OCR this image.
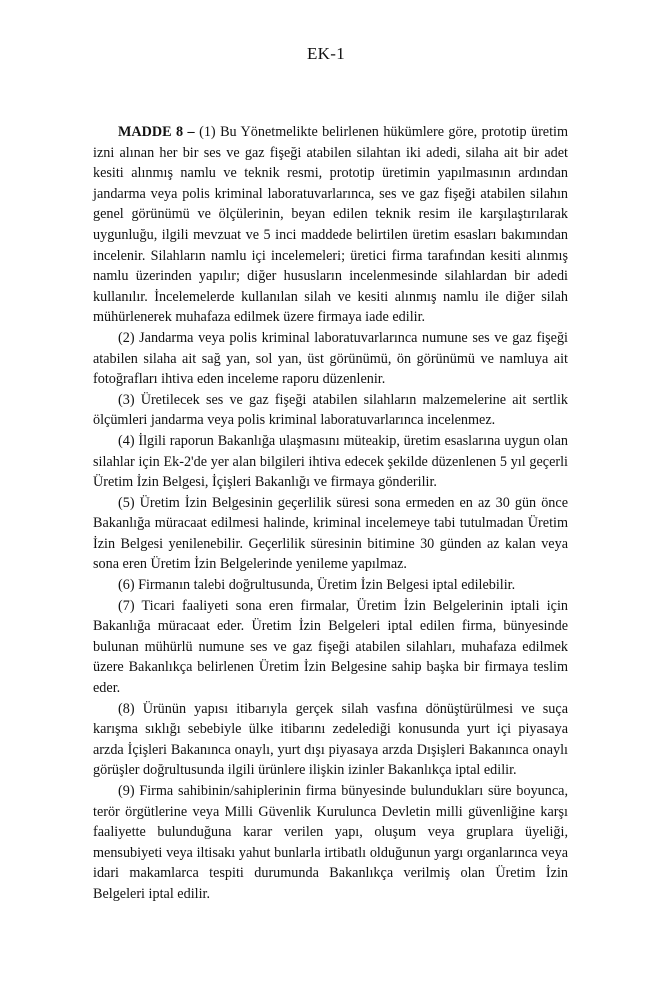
EK-1

MADDE 8 – (1) Bu Yönetmelikte belirlenen hükümlere göre, prototip üretim izni alınan her bir ses ve gaz fişeği atabilen silahtan iki adedi, silaha ait bir adet kesiti alınmış namlu ve teknik resmi, prototip üretimin yapılmasının ardından jandarma veya polis kriminal laboratuvarlarınca, ses ve gaz fişeği atabilen silahın genel görünümü ve ölçülerinin, beyan edilen teknik resim ile karşılaştırılarak uygunluğu, ilgili mevzuat ve 5 inci maddede belirtilen üretim esasları bakımından incelenir. Silahların namlu içi incelemeleri; üretici firma tarafından kesiti alınmış namlu üzerinden yapılır; diğer hususların incelenmesinde silahlardan bir adedi kullanılır. İncelemelerde kullanılan silah ve kesiti alınmış namlu ile diğer silah mühürlenerek muhafaza edilmek üzere firmaya iade edilir.

(2) Jandarma veya polis kriminal laboratuvarlarınca numune ses ve gaz fişeği atabilen silaha ait sağ yan, sol yan, üst görünümü, ön görünümü ve namluya ait fotoğrafları ihtiva eden inceleme raporu düzenlenir.

(3) Üretilecek ses ve gaz fişeği atabilen silahların malzemelerine ait sertlik ölçümleri jandarma veya polis kriminal laboratuvarlarınca incelenmez.

(4) İlgili raporun Bakanlığa ulaşmasını müteakip, üretim esaslarına uygun olan silahlar için Ek-2'de yer alan bilgileri ihtiva edecek şekilde düzenlenen 5 yıl geçerli Üretim İzin Belgesi, İçişleri Bakanlığı ve firmaya gönderilir.

(5) Üretim İzin Belgesinin geçerlilik süresi sona ermeden en az 30 gün önce Bakanlığa müracaat edilmesi halinde, kriminal incelemeye tabi tutulmadan Üretim İzin Belgesi yenilenebilir. Geçerlilik süresinin bitimine 30 günden az kalan veya sona eren Üretim İzin Belgelerinde yenileme yapılmaz.

(6) Firmanın talebi doğrultusunda, Üretim İzin Belgesi iptal edilebilir.

(7) Ticari faaliyeti sona eren firmalar, Üretim İzin Belgelerinin iptali için Bakanlığa müracaat eder. Üretim İzin Belgeleri iptal edilen firma, bünyesinde bulunan mühürlü numune ses ve gaz fişeği atabilen silahları, muhafaza edilmek üzere Bakanlıkça belirlenen Üretim İzin Belgesine sahip başka bir firmaya teslim eder.

(8) Ürünün yapısı itibarıyla gerçek silah vasfına dönüştürülmesi ve suça karışma sıklığı sebebiyle ülke itibarını zedelediği konusunda yurt içi piyasaya arzda İçişleri Bakanınca onaylı, yurt dışı piyasaya arzda Dışişleri Bakanınca onaylı görüşler doğrultusunda ilgili ürünlere ilişkin izinler Bakanlıkça iptal edilir.

(9) Firma sahibinin/sahiplerinin firma bünyesinde bulundukları süre boyunca, terör örgütlerine veya Milli Güvenlik Kurulunca Devletin milli güvenliğine karşı faaliyette bulunduğuna karar verilen yapı, oluşum veya gruplara üyeliği, mensubiyeti veya iltisakı yahut bunlarla irtibatlı olduğunun yargı organlarınca veya idari makamlarca tespiti durumunda Bakanlıkça verilmiş olan Üretim İzin Belgeleri iptal edilir.
